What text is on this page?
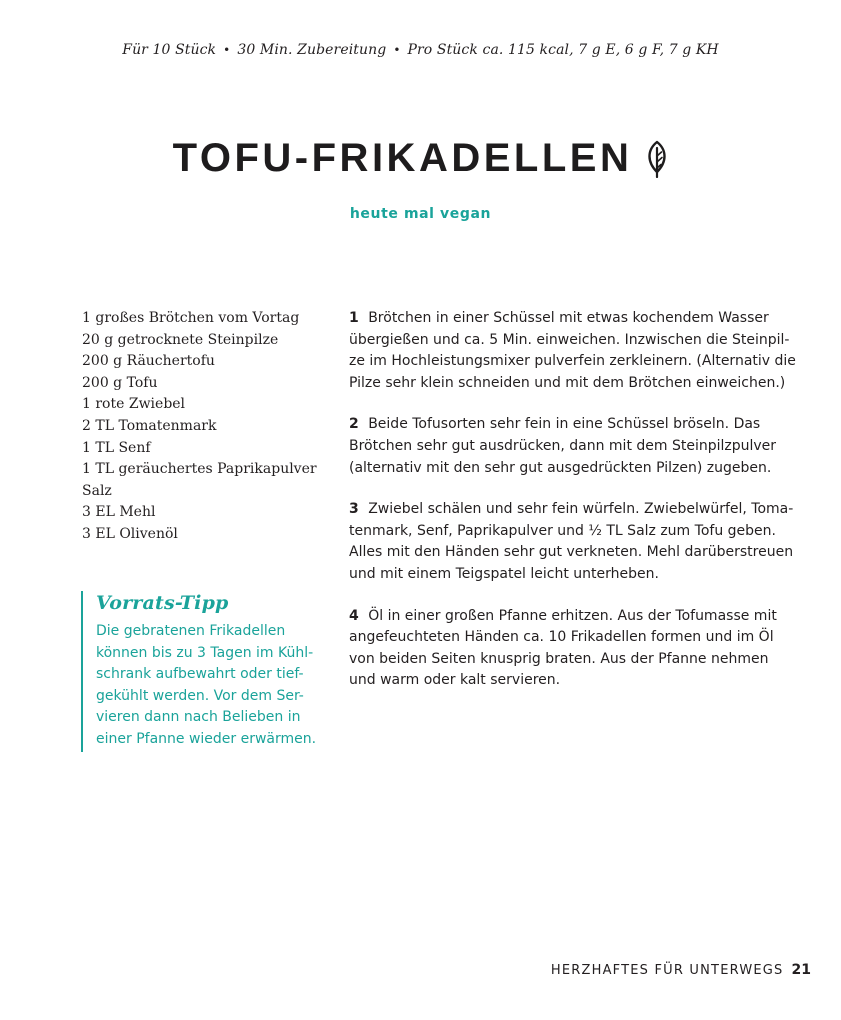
Für 10 Stück • 30 Min. Zubereitung • Pro Stück ca. 115 kcal, 7 g E, 6 g F, 7 g KH
TOFU-FRIKADELLEN
heute mal vegan
1 großes Brötchen vom Vortag
20 g getrocknete Steinpilze
200 g Räuchertofu
200 g Tofu
1 rote Zwiebel
2 TL Tomatenmark
1 TL Senf
1 TL geräuchertes Paprikapulver
Salz
3 EL Mehl
3 EL Olivenöl
Vorrats-Tipp
Die gebratenen Frikadellen
können bis zu 3 Tagen im Kühl-
schrank aufbewahrt oder tief-
gekühlt werden. Vor dem Ser-
vieren dann nach Belieben in
einer Pfanne wieder erwärmen.
1 Brötchen in einer Schüssel mit etwas kochendem Wasser
übergießen und ca. 5 Min. einweichen. Inzwischen die Steinpil-
ze im Hochleistungsmixer pulverfein zerkleinern. (Alternativ die
Pilze sehr klein schneiden und mit dem Brötchen einweichen.)
2 Beide Tofusorten sehr fein in eine Schüssel bröseln. Das
Brötchen sehr gut ausdrücken, dann mit dem Steinpilzpulver
(alternativ mit den sehr gut ausgedrückten Pilzen) zugeben.
3 Zwiebel schälen und sehr fein würfeln. Zwiebelwürfel, Toma-
tenmark, Senf, Paprikapulver und ½ TL Salz zum Tofu geben.
Alles mit den Händen sehr gut verkneten. Mehl darüberstreuen
und mit einem Teigspatel leicht unterheben.
4 Öl in einer großen Pfanne erhitzen. Aus der Tofumasse mit
angefeuchteten Händen ca. 10 Frikadellen formen und im Öl
von beiden Seiten knusprig braten. Aus der Pfanne nehmen
und warm oder kalt servieren.
HERZHAFTES FÜR UNTERWEGS 21
